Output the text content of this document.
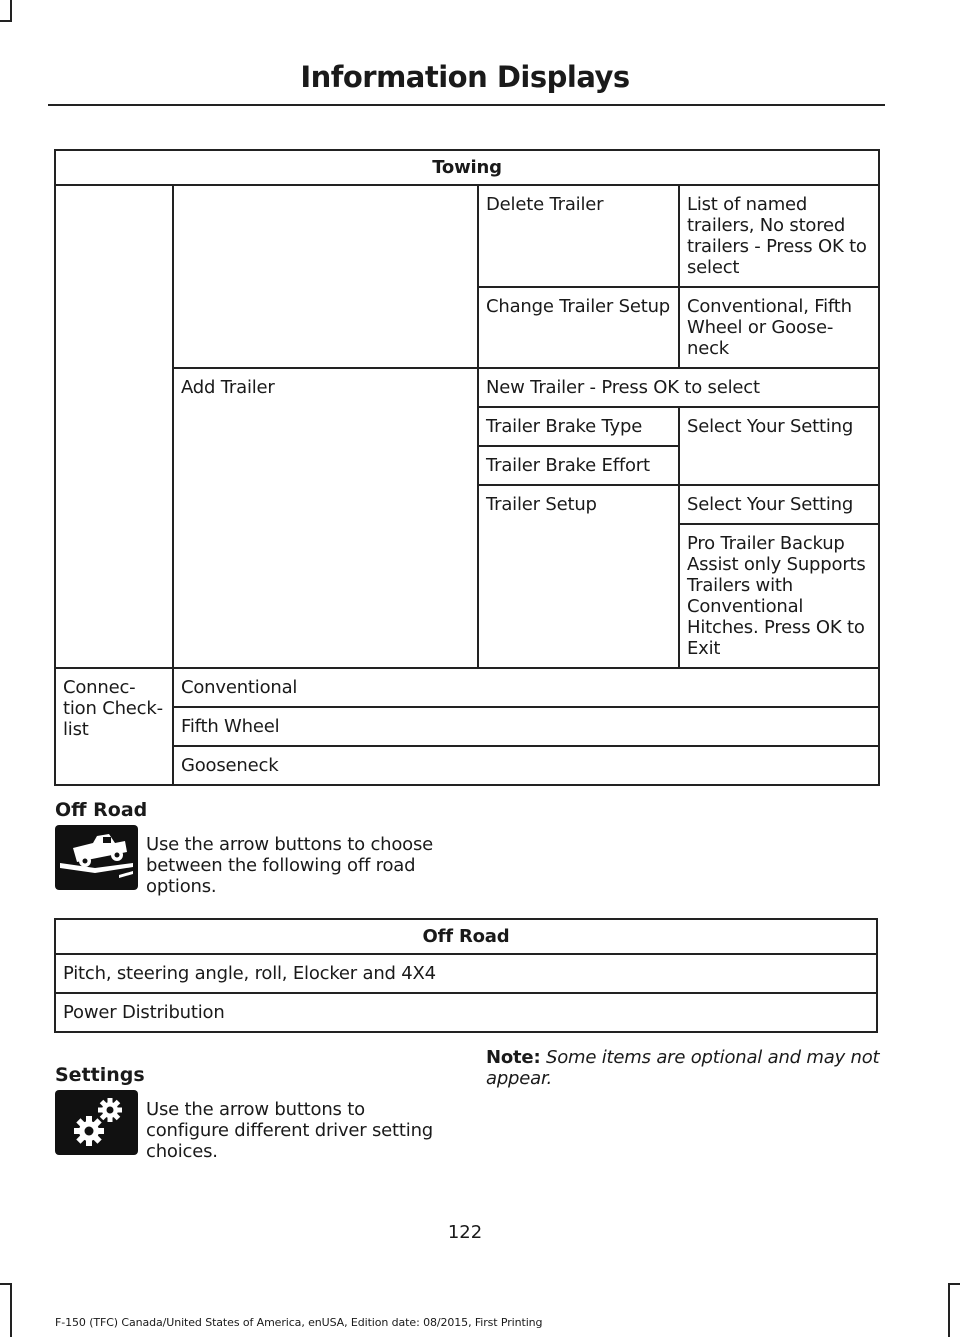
Information Displays
Towing			
		Delete Trailer	List of named trailers, No stored trailers - Press OK to select
		Change Trailer Setup	Conventional, Fifth Wheel or Goose-neck
	Add Trailer	New Trailer - Press OK to select	
		Trailer Brake Type	Select Your Setting
		Trailer Brake Effort	
		Trailer Setup	Select Your Setting
			Pro Trailer Backup Assist only Supports Trailers with Conventional Hitches. Press OK to Exit

Connec-tion Check-list	Conventional		
	Fifth Wheel		
	Gooseneck		
Off Road
Use the arrow buttons to choose between the following off road options.
Off Road
Pitch, steering angle, roll, Elocker and 4X4
Power Distribution
Settings
Use the arrow buttons to configure different driver setting choices.
Note: Some items are optional and may not appear.
122
F-150 (TFC) Canada/United States of America, enUSA, Edition date: 08/2015, First Printing
